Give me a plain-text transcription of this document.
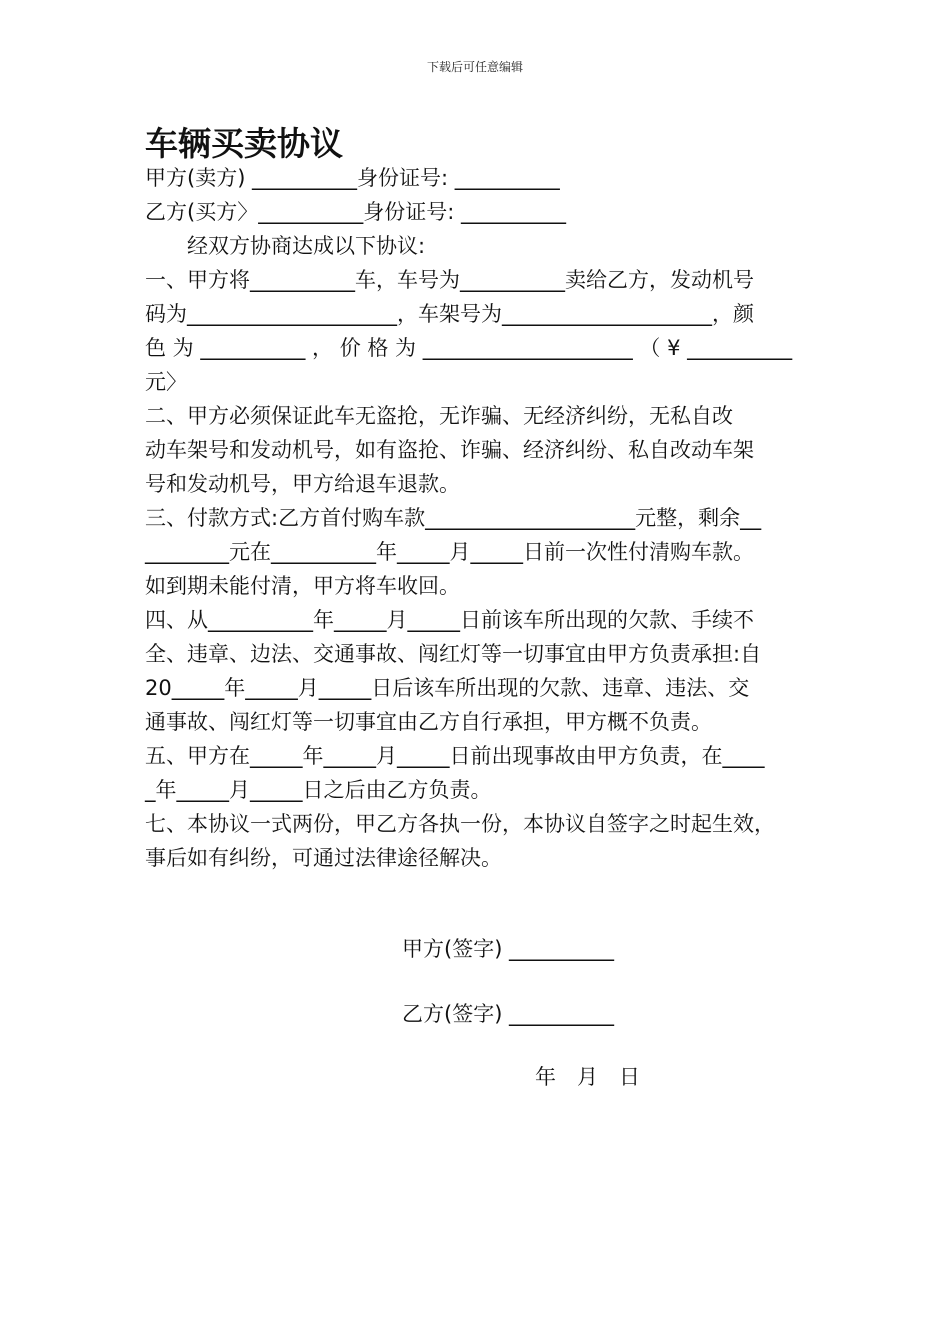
下载后可任意编辑
车辆买卖协议
甲方(卖方) __________身份证号: __________
乙方(买方〉__________身份证号: __________
　　经双方协商达成以下协议:
一、甲方将__________车，车号为__________卖给乙方，发动机号
码为____________________，车架号为____________________，颜
色 为 __________ ， 价 格 为 ____________________ （ ¥ __________
元〉
二、甲方必须保证此车无盗抢，无诈骗、无经济纠纷，无私自改
动车架号和发动机号，如有盗抢、诈骗、经济纠纷、私自改动车架
号和发动机号，甲方给退车退款。
三、付款方式:乙方首付购车款____________________元整，剩余__
________元在__________年_____月_____日前一次性付清购车款。
如到期未能付清，甲方将车收回。
四、从__________年_____月_____日前该车所出现的欠款、手续不
全、违章、边法、交通事故、闯红灯等一切事宜由甲方负责承担:自
20_____年_____月_____日后该车所出现的欠款、违章、违法、交
通事故、闯红灯等一切事宜由乙方自行承担，甲方概不负责。
五、甲方在_____年_____月_____日前出现事故由甲方负责，在____
_年_____月_____日之后由乙方负责。
七、本协议一式两份，甲乙方各执一份，本协议自签字之时起生效，
事后如有纠纷，可通过法律途径解决。
甲方(签字) __________
乙方(签字) __________
年　月　日
